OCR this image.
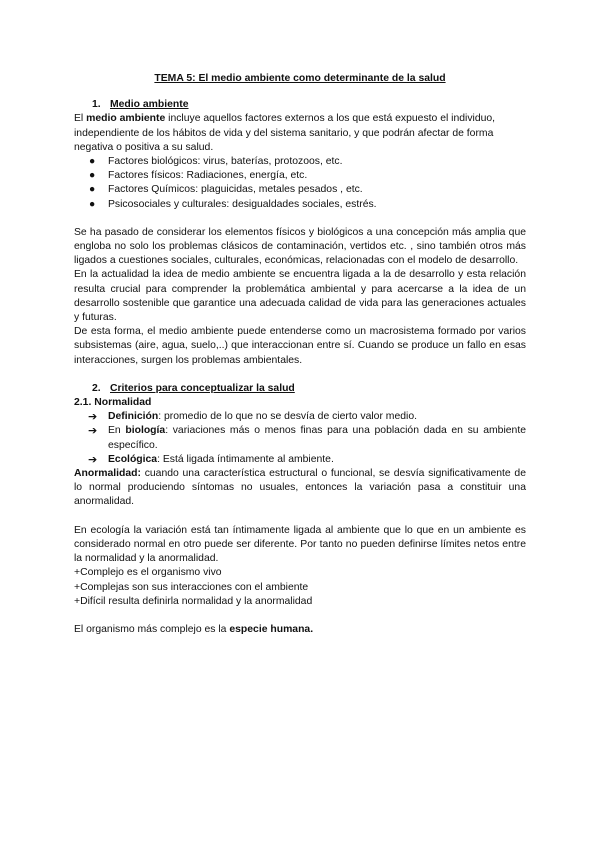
TEMA 5: El medio ambiente como determinante de la salud

1. Medio ambiente

El medio ambiente incluye aquellos factores externos a los que está expuesto el individuo, independiente de los hábitos de vida y del sistema sanitario, y que podrán afectar de forma negativa o positiva a su salud.

● Factores biológicos: virus, baterías, protozoos, etc.
● Factores físicos: Radiaciones, energía, etc.
● Factores Químicos: plaguicidas, metales pesados , etc.
● Psicosociales y culturales: desigualdades sociales, estrés.

Se ha pasado de considerar los elementos físicos y biológicos a una concepción más amplia que engloba no solo los problemas clásicos de contaminación, vertidos etc. , sino también otros más ligados a cuestiones sociales, culturales, económicas, relacionadas con el modelo de desarrollo.

En la actualidad la idea de medio ambiente se encuentra ligada a la de desarrollo y esta relación resulta crucial para comprender la problemática ambiental y para acercarse a la idea de un desarrollo sostenible que garantice una adecuada calidad de vida para las generaciones actuales y futuras.

De esta forma, el medio ambiente puede entenderse como un macrosistema formado por varios subsistemas (aire, agua, suelo,..) que interaccionan entre sí. Cuando se produce un fallo en esas interacciones, surgen los problemas ambientales.

2. Criterios para conceptualizar la salud

2.1. Normalidad

➔ Definición: promedio de lo que no se desvía de cierto valor medio.
➔ En biología: variaciones más o menos finas para una población dada en su ambiente específico.
➔ Ecológica: Está ligada íntimamente al ambiente.

Anormalidad: cuando una característica estructural o funcional, se desvía significativamente de lo normal produciendo síntomas no usuales, entonces la variación pasa a constituir una anormalidad.

En ecología la variación está tan íntimamente ligada al ambiente que lo que en un ambiente es considerado normal en otro puede ser diferente. Por tanto no pueden definirse límites netos entre la normalidad y la anormalidad.

+Complejo es el organismo vivo

+Complejas son sus interacciones con el ambiente

+Difícil resulta definirla normalidad y la anormalidad

El organismo más complejo es la especie humana.
